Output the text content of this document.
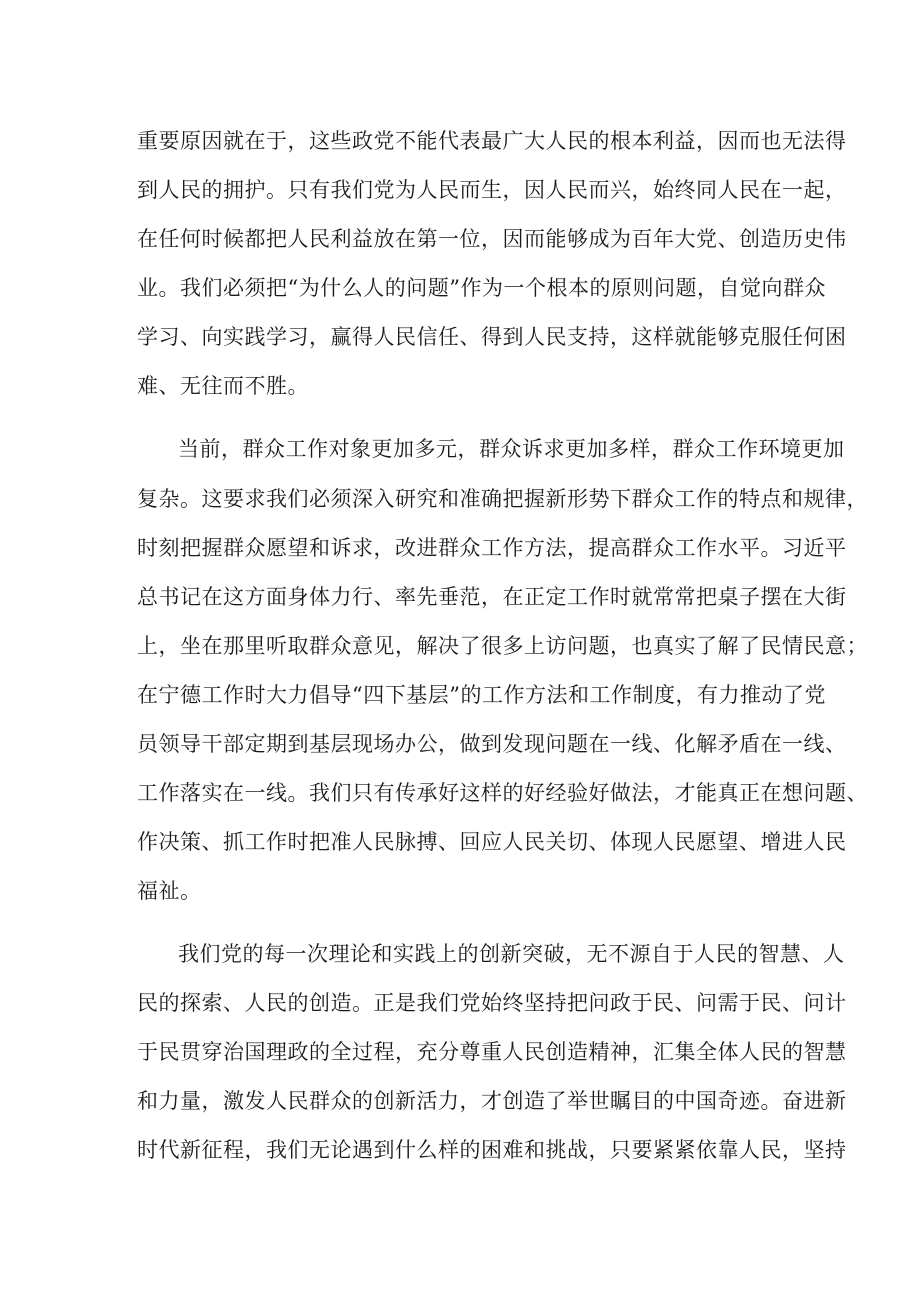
重要原因就在于，这些政党不能代表最广大人民的根本利益，因而也无法得
到人民的拥护。只有我们党为人民而生，因人民而兴，始终同人民在一起，
在任何时候都把人民利益放在第一位，因而能够成为百年大党、创造历史伟
业。我们必须把“为什么人的问题”作为一个根本的原则问题，自觉向群众
学习、向实践学习，赢得人民信任、得到人民支持，这样就能够克服任何困
难、无往而不胜。
当前，群众工作对象更加多元，群众诉求更加多样，群众工作环境更加
复杂。这要求我们必须深入研究和准确把握新形势下群众工作的特点和规律，
时刻把握群众愿望和诉求，改进群众工作方法，提高群众工作水平。习近平
总书记在这方面身体力行、率先垂范，在正定工作时就常常把桌子摆在大街
上，坐在那里听取群众意见，解决了很多上访问题，也真实了解了民情民意；
在宁德工作时大力倡导“四下基层”的工作方法和工作制度，有力推动了党
员领导干部定期到基层现场办公，做到发现问题在一线、化解矛盾在一线、
工作落实在一线。我们只有传承好这样的好经验好做法，才能真正在想问题、
作决策、抓工作时把准人民脉搏、回应人民关切、体现人民愿望、增进人民
福祉。
我们党的每一次理论和实践上的创新突破，无不源自于人民的智慧、人
民的探索、人民的创造。正是我们党始终坚持把问政于民、问需于民、问计
于民贯穿治国理政的全过程，充分尊重人民创造精神，汇集全体人民的智慧
和力量，激发人民群众的创新活力，才创造了举世瞩目的中国奇迹。奋进新
时代新征程，我们无论遇到什么样的困难和挑战，只要紧紧依靠人民，坚持
